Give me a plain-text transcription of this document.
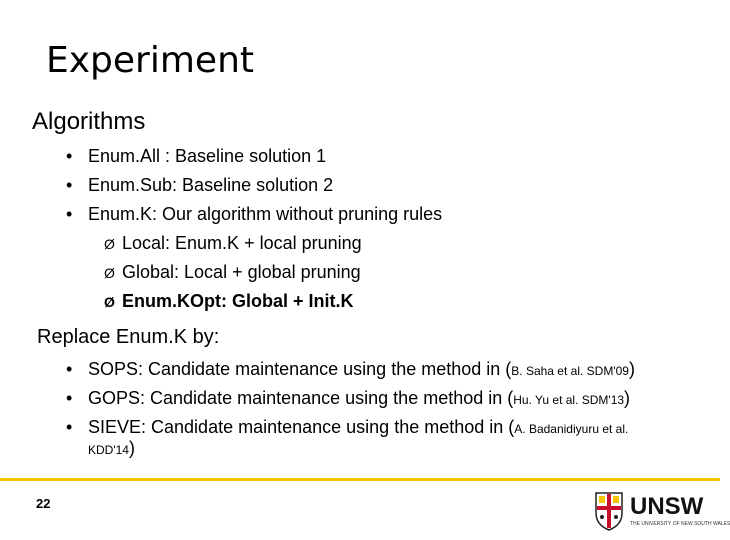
Experiment
Algorithms
• Enum.All : Baseline solution 1
• Enum.Sub: Baseline solution 2
• Enum.K: Our algorithm without pruning rules
Ø Local: Enum.K + local pruning
Ø Global: Local + global pruning
Ø Enum.KOpt: Global + Init.K
Replace Enum.K by:
• SOPS: Candidate maintenance using the method in (B. Saha et al. SDM'09)
• GOPS: Candidate maintenance using the method in (Hu. Yu et al. SDM'13)
• SIEVE: Candidate maintenance using the method in (A. Badanidiyuru et al.
KDD'14)
22	UNSW
THE UNIVERSITY OF NEW SOUTH WALES
